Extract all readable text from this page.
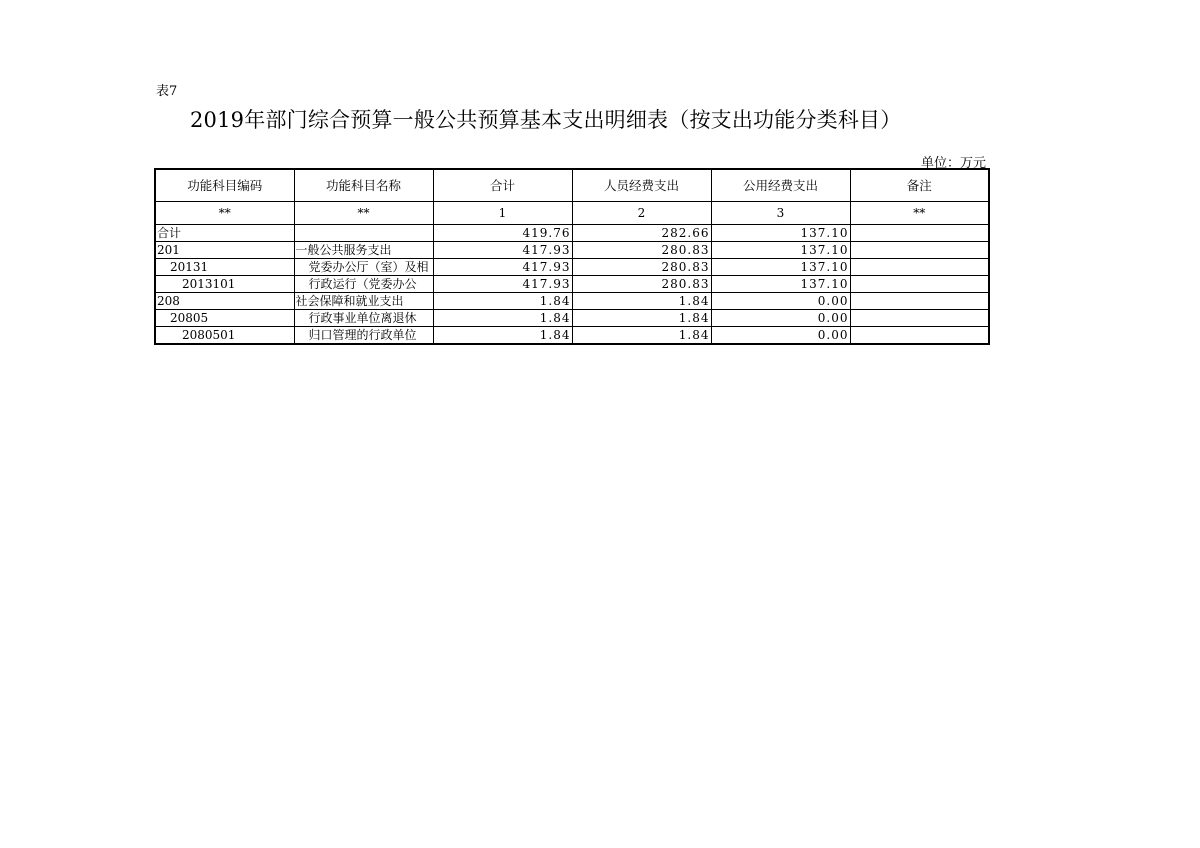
表7
2019年部门综合预算一般公共预算基本支出明细表（按支出功能分类科目）
单位：万元
功能科目编码	功能科目名称	合计	人员经费支出	公用经费支出	备注
**	**	1	2	3	**
合计		419.76	282.66	137.10	
201	一般公共服务支出	417.93	280.83	137.10	
20131	党委办公厅（室）及相	417.93	280.83	137.10	
2013101	行政运行（党委办公	417.93	280.83	137.10	
208	社会保障和就业支出	1.84	1.84	0.00	
20805	行政事业单位离退休	1.84	1.84	0.00	
2080501	归口管理的行政单位	1.84	1.84	0.00	
